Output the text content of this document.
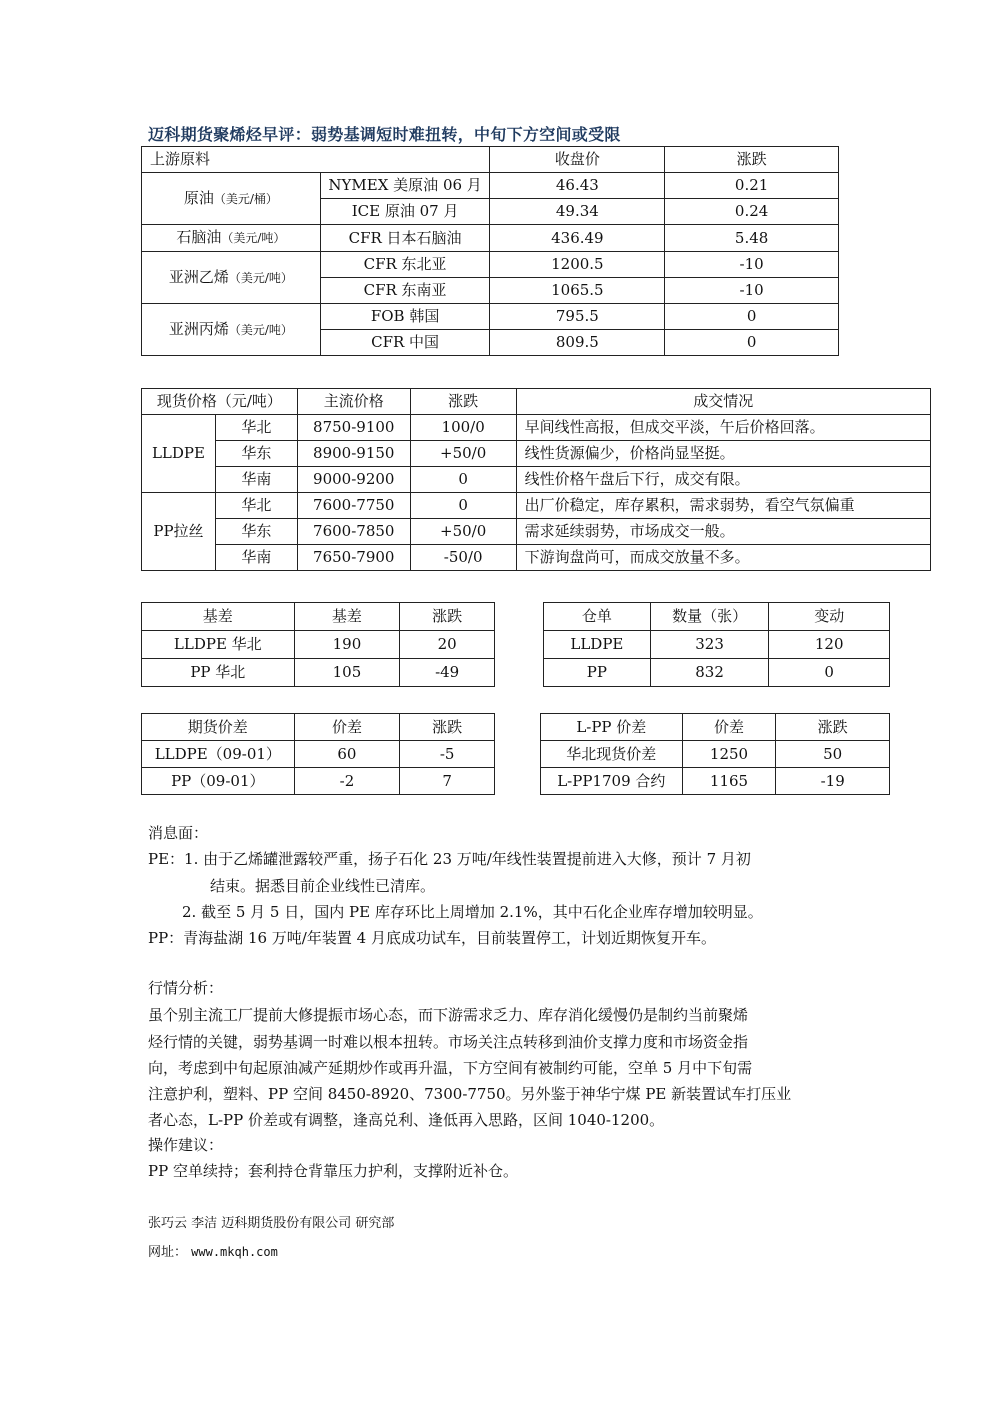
迈科期货聚烯烃早评：弱势基调短时难扭转，中旬下方空间或受限
上游原料		收盘价	涨跌
原油（美元/桶）	NYMEX 美原油 06 月	46.43	0.21
	ICE 原油 07 月	49.34	0.24
石脑油（美元/吨）	CFR 日本石脑油	436.49	5.48
亚洲乙烯（美元/吨）	CFR 东北亚	1200.5	-10
	CFR 东南亚	1065.5	-10
亚洲丙烯（美元/吨）	FOB 韩国	795.5	0
	CFR 中国	809.5	0
现货价格（元/吨）		主流价格	涨跌	成交情况
LLDPE	华北	8750-9100	100/0	早间线性高报，但成交平淡，午后价格回落。
	华东	8900-9150	+50/0	线性货源偏少，价格尚显坚挺。
	华南	9000-9200	0	线性价格午盘后下行，成交有限。
PP拉丝	华北	7600-7750	0	出厂价稳定，库存累积，需求弱势，看空气氛偏重
	华东	7600-7850	+50/0	需求延续弱势，市场成交一般。
	华南	7650-7900	-50/0	下游询盘尚可，而成交放量不多。
基差	基差	涨跌
LLDPE 华北	190	20
PP 华北	105	-49
仓单	数量（张）	变动
LLDPE	323	120
PP	832	0
期货价差	价差	涨跌
LLDPE（09-01）	60	-5
PP（09-01）	-2	7
L-PP 价差	价差	涨跌
华北现货价差	1250	50
L-PP1709 合约	1165	-19
消息面：
PE：1. 由于乙烯罐泄露较严重，扬子石化 23 万吨/年线性装置提前进入大修，预计 7 月初
结束。据悉目前企业线性已清库。
2. 截至 5 月 5 日，国内 PE 库存环比上周增加 2.1%，其中石化企业库存增加较明显。
PP：青海盐湖 16 万吨/年装置 4 月底成功试车，目前装置停工，计划近期恢复开车。
行情分析：
虽个别主流工厂提前大修提振市场心态，而下游需求乏力、库存消化缓慢仍是制约当前聚烯
烃行情的关键，弱势基调一时难以根本扭转。市场关注点转移到油价支撑力度和市场资金指
向，考虑到中旬起原油减产延期炒作或再升温，下方空间有被制约可能，空单 5 月中下旬需
注意护利，塑料、PP 空间 8450-8920、7300-7750。另外鉴于神华宁煤 PE 新装置试车打压业
者心态，L-PP 价差或有调整，逢高兑利、逢低再入思路，区间 1040-1200。
操作建议：
PP 空单续持；套利持仓背靠压力护利，支撑附近补仓。
张巧云 李洁 迈科期货股份有限公司 研究部
网址： www.mkqh.com
